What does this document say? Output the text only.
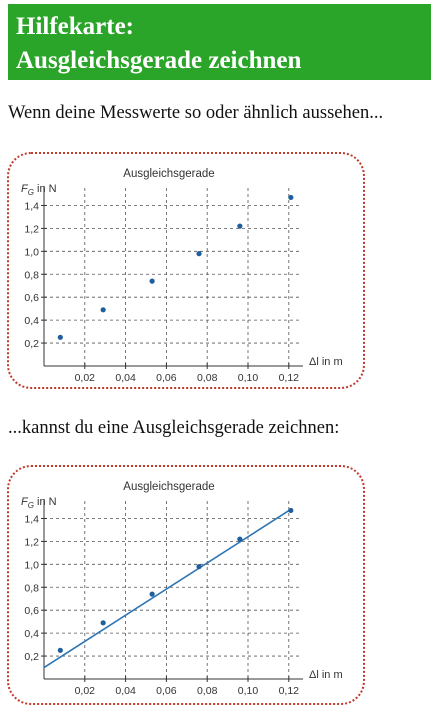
Hilfekarte:
Ausgleichsgerade zeichnen
Wenn deine Messwerte so oder ähnlich aussehen...
Ausgleichsgerade
$F_G$ in N
0,02 0,04 0,06 0,08 0,10 0,12
0,2
0,4
0,6
0,8
1,0
1,2
1,4
Δl in m
...kannst du eine Ausgleichsgerade zeichnen:
Ausgleichsgerade
$F_G$ in N
0,02 0,04 0,06 0,08 0,10 0,12
0,2
0,4
0,6
0,8
1,0
1,2
1,4
Δl in m
